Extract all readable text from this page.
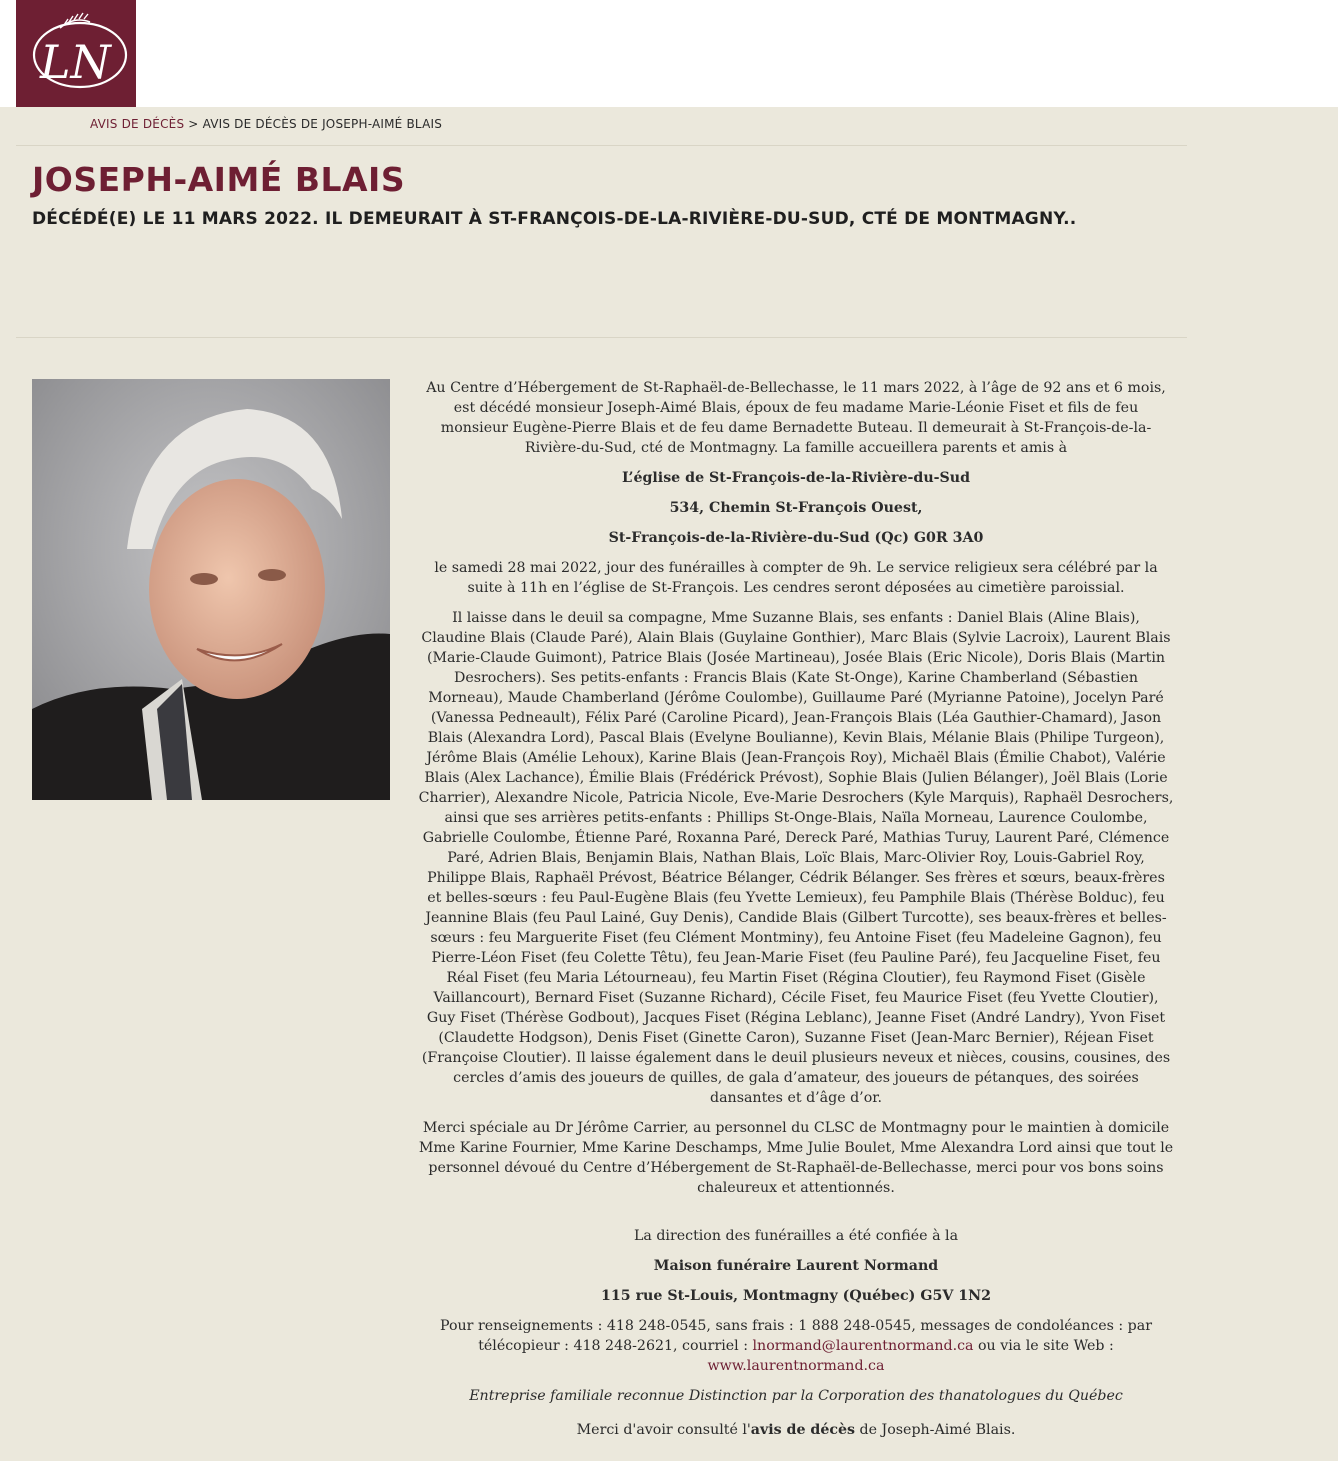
LN
AVIS DE DÉCÈS > AVIS DE DÉCÈS DE JOSEPH-AIMÉ BLAIS
JOSEPH-AIMÉ BLAIS
DÉCÉDÉ(E) LE 11 MARS 2022. IL DEMEURAIT À ST-FRANÇOIS-DE-LA-RIVIÈRE-DU-SUD, CTÉ DE MONTMAGNY..

Au Centre d’Hébergement de St-Raphaël-de-Bellechasse, le 11 mars 2022, à l’âge de 92 ans et 6 mois, est décédé monsieur Joseph-Aimé Blais, époux de feu madame Marie-Léonie Fiset et fils de feu monsieur Eugène-Pierre Blais et de feu dame Bernadette Buteau. Il demeurait à St-François-de-la-Rivière-du-Sud, cté de Montmagny. La famille accueillera parents et amis à

L’église de St-François-de-la-Rivière-du-Sud

534, Chemin St-François Ouest,

St-François-de-la-Rivière-du-Sud (Qc) G0R 3A0

le samedi 28 mai 2022, jour des funérailles à compter de 9h. Le service religieux sera célébré par la suite à 11h en l’église de St-François. Les cendres seront déposées au cimetière paroissial.

Il laisse dans le deuil sa compagne, Mme Suzanne Blais, ses enfants : Daniel Blais (Aline Blais), Claudine Blais (Claude Paré), Alain Blais (Guylaine Gonthier), Marc Blais (Sylvie Lacroix), Laurent Blais (Marie-Claude Guimont), Patrice Blais (Josée Martineau), Josée Blais (Eric Nicole), Doris Blais (Martin Desrochers). Ses petits-enfants : Francis Blais (Kate St-Onge), Karine Chamberland (Sébastien Morneau), Maude Chamberland (Jérôme Coulombe), Guillaume Paré (Myrianne Patoine), Jocelyn Paré (Vanessa Pedneault), Félix Paré (Caroline Picard), Jean-François Blais (Léa Gauthier-Chamard), Jason Blais (Alexandra Lord), Pascal Blais (Evelyne Boulianne), Kevin Blais, Mélanie Blais (Philipe Turgeon), Jérôme Blais (Amélie Lehoux), Karine Blais (Jean-François Roy), Michaël Blais (Émilie Chabot), Valérie Blais (Alex Lachance), Émilie Blais (Frédérick Prévost), Sophie Blais (Julien Bélanger), Joël Blais (Lorie Charrier), Alexandre Nicole, Patricia Nicole, Eve-Marie Desrochers (Kyle Marquis), Raphaël Desrochers, ainsi que ses arrières petits-enfants : Phillips St-Onge-Blais, Naïla Morneau, Laurence Coulombe, Gabrielle Coulombe, Étienne Paré, Roxanna Paré, Dereck Paré, Mathias Turuy, Laurent Paré, Clémence Paré, Adrien Blais, Benjamin Blais, Nathan Blais, Loïc Blais, Marc-Olivier Roy, Louis-Gabriel Roy, Philippe Blais, Raphaël Prévost, Béatrice Bélanger, Cédrik Bélanger. Ses frères et sœurs, beaux-frères et belles-sœurs : feu Paul-Eugène Blais (feu Yvette Lemieux), feu Pamphile Blais (Thérèse Bolduc), feu Jeannine Blais (feu Paul Lainé, Guy Denis), Candide Blais (Gilbert Turcotte), ses beaux-frères et belles-sœurs : feu Marguerite Fiset (feu Clément Montminy), feu Antoine Fiset (feu Madeleine Gagnon), feu Pierre-Léon Fiset (feu Colette Têtu), feu Jean-Marie Fiset (feu Pauline Paré), feu Jacqueline Fiset, feu Réal Fiset (feu Maria Létourneau), feu Martin Fiset (Régina Cloutier), feu Raymond Fiset (Gisèle Vaillancourt), Bernard Fiset (Suzanne Richard), Cécile Fiset, feu Maurice Fiset (feu Yvette Cloutier), Guy Fiset (Thérèse Godbout), Jacques Fiset (Régina Leblanc), Jeanne Fiset (André Landry), Yvon Fiset (Claudette Hodgson), Denis Fiset (Ginette Caron), Suzanne Fiset (Jean-Marc Bernier), Réjean Fiset (Françoise Cloutier). Il laisse également dans le deuil plusieurs neveux et nièces, cousins, cousines, des cercles d’amis des joueurs de quilles, de gala d’amateur, des joueurs de pétanques, des soirées dansantes et d’âge d’or.

Merci spéciale au Dr Jérôme Carrier, au personnel du CLSC de Montmagny pour le maintien à domicile Mme Karine Fournier, Mme Karine Deschamps, Mme Julie Boulet, Mme Alexandra Lord ainsi que tout le personnel dévoué du Centre d’Hébergement de St-Raphaël-de-Bellechasse, merci pour vos bons soins chaleureux et attentionnés.

La direction des funérailles a été confiée à la

Maison funéraire Laurent Normand

115 rue St-Louis, Montmagny (Québec) G5V 1N2

Pour renseignements : 418 248-0545, sans frais : 1 888 248-0545, messages de condoléances : par télécopieur : 418 248-2621, courriel : lnormand@laurentnormand.ca ou via le site Web : www.laurentnormand.ca

Entreprise familiale reconnue Distinction par la Corporation des thanatologues du Québec

Merci d'avoir consulté l'avis de décès de Joseph-Aimé Blais.
